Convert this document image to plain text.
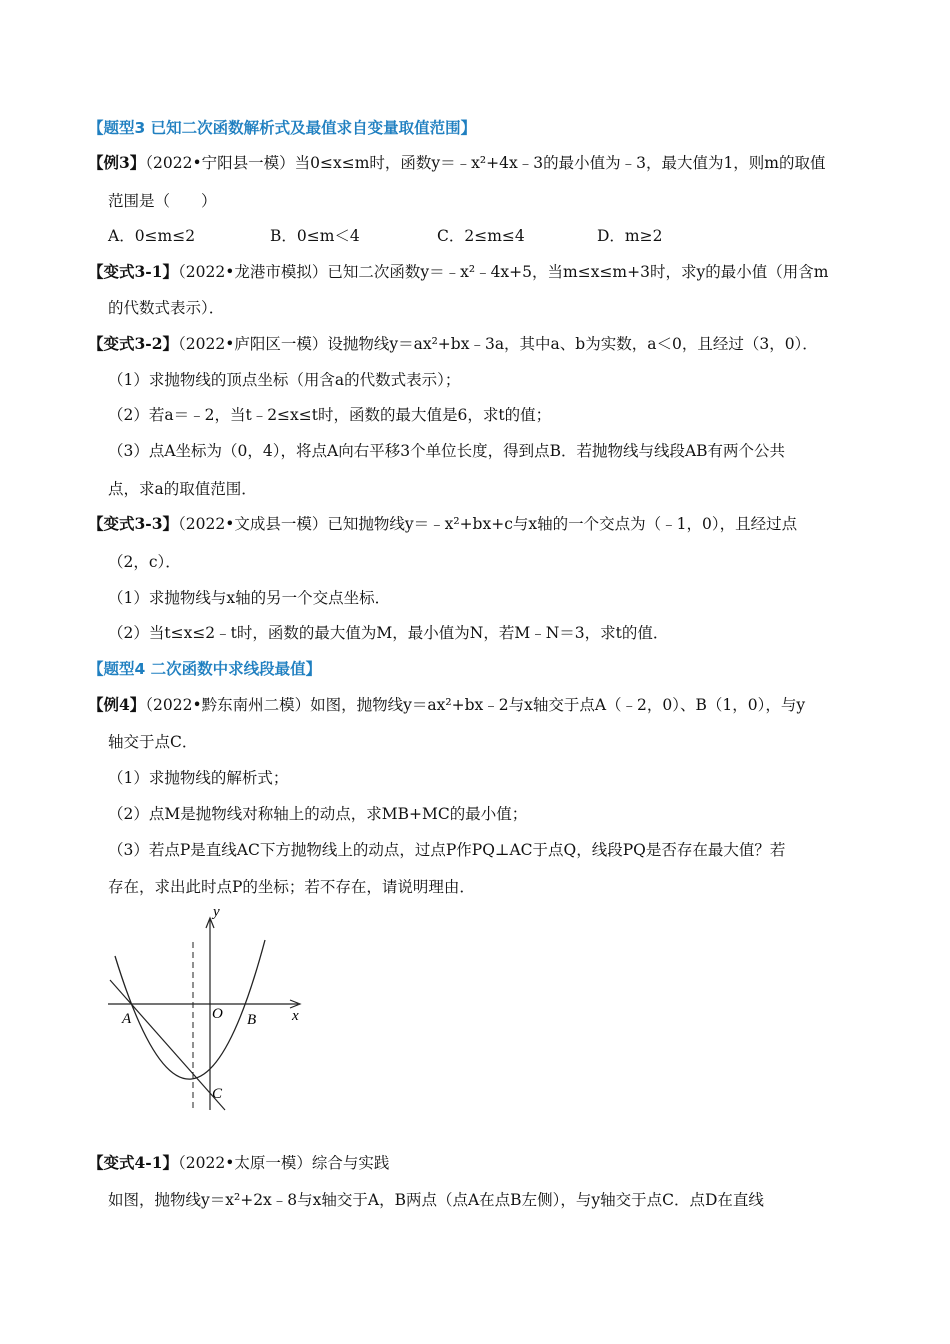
【题型3 已知二次函数解析式及最值求自变量取值范围】
【例3】（2022•宁阳县一模）当0≤x≤m时，函数y＝﹣x²+4x﹣3的最小值为﹣3，最大值为1，则m的取值
范围是（　　）
A．0≤m≤2	B．0≤m＜4	C．2≤m≤4	D．m≥2
【变式3-1】（2022•龙港市模拟）已知二次函数y＝﹣x²﹣4x+5，当m≤x≤m+3时，求y的最小值（用含m
的代数式表示）．
【变式3-2】（2022•庐阳区一模）设抛物线y＝ax²+bx﹣3a，其中a、b为实数，a＜0，且经过（3，0）．
（1）求抛物线的顶点坐标（用含a的代数式表示）；
（2）若a＝﹣2，当t﹣2≤x≤t时，函数的最大值是6，求t的值；
（3）点A坐标为（0，4），将点A向右平移3个单位长度，得到点B．若抛物线与线段AB有两个公共
点，求a的取值范围．
【变式3-3】（2022•文成县一模）已知抛物线y＝﹣x²+bx+c与x轴的一个交点为（﹣1，0），且经过点
（2，c）．
（1）求抛物线与x轴的另一个交点坐标．
（2）当t≤x≤2﹣t时，函数的最大值为M，最小值为N，若M﹣N＝3，求t的值．
【题型4 二次函数中求线段最值】
【例4】（2022•黔东南州二模）如图，抛物线y＝ax²+bx﹣2与x轴交于点A（﹣2，0）、B（1，0），与y
轴交于点C．
（1）求抛物线的解析式；
（2）点M是抛物线对称轴上的动点，求MB+MC的最小值；
（3）若点P是直线AC下方抛物线上的动点，过点P作PQ⊥AC于点Q，线段PQ是否存在最大值？若
存在，求出此时点P的坐标；若不存在，请说明理由．
y
x
A	O B
C
【变式4-1】（2022•太原一模）综合与实践
如图，抛物线y＝x²+2x﹣8与x轴交于A，B两点（点A在点B左侧），与y轴交于点C．点D在直线
